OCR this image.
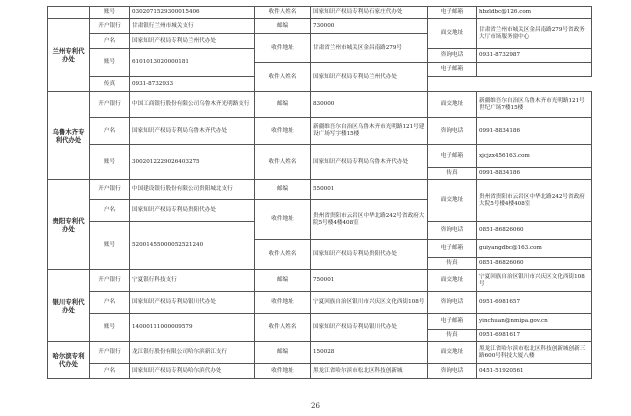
	账号	0302071529300015406	收件人姓名	国家知识产权局专利局石家庄代办处	电子邮箱	hbzldbc@126.com
兰州专利代办处	开户银行	甘肃银行兰州市城关支行	邮编	730000	面交地址	甘肃省兰州市城关区金昌南路279号省政务大厅市场服务窗中心
	户名	国家知识产权局专利局兰州代办处	收件地址	甘肃省兰州市城关区金昌南路279号		
	账号	6101013020000181			咨询电话	0931-8732987
			收件人姓名	国家知识产权局专利局兰州代办处	电子邮箱	
	传真	0931-8732933				
乌鲁木齐专利代办处	开户银行	中国工商银行股份有限公司乌鲁木齐光明路支行	邮编	830000	面交地址	新疆维吾尔自治区乌鲁木齐市光明路121号世纪广场7楼15楼
	户名	国家知识产权局专利局乌鲁木齐代办处	收件地址	新疆维吾尔自治区乌鲁木齐市光明路121号建设广场写字楼15楼	咨询电话	0991-8834186
	账号	3002012229026403275	收件人姓名	国家知识产权局专利局乌鲁木齐代办处	电子邮箱	xjcjzx456163.com
					传真	0991-8834186
贵阳专利代办处	开户银行	中国建设银行股份有限公司贵阳城北支行	邮编	550001	面交地址	贵州省贵阳市云岩区中华北路242号省政府大院5号楼4楼408室
	户名	国家知识产权局专利局贵阳代办处	收件地址	贵州省贵阳市云岩区中华北路242号省政府大院5号楼4楼408室		
	账号	52001455000052521240			咨询电话	0851-86826060
			收件人姓名	国家知识产权局专利局贵阳代办处	电子邮箱	guiyangdbc@163.com
					传真	0851-86826060
银川专利代办处	开户银行	宁夏银行科技支行	邮编	750001	面交地址	宁夏回族自治区银川市兴庆区文化西街108号
	户名	国家知识产权局专利局银川代办处	收件地址	宁夏回族自治区银川市兴庆区文化西街108号	咨询电话	0951-6981657
	账号	14000111000009579	收件人姓名	国家知识产权局专利局银川代办处	电子邮箱	yinchuan@nmipa.gov.cn
					传真	0951-6981617
哈尔滨专利代办处	开户银行	龙江银行股份有限公司哈尔滨新江支行	邮编	150028	面交地址	黑龙江省哈尔滨市松北区科技创新城创新三路600号科技大厦八楼
	户名	国家知识产权局专利局哈尔滨代办处	收件地址	黑龙江省哈尔滨市松北区科技创新城	咨询电话	0451-51920561
26
